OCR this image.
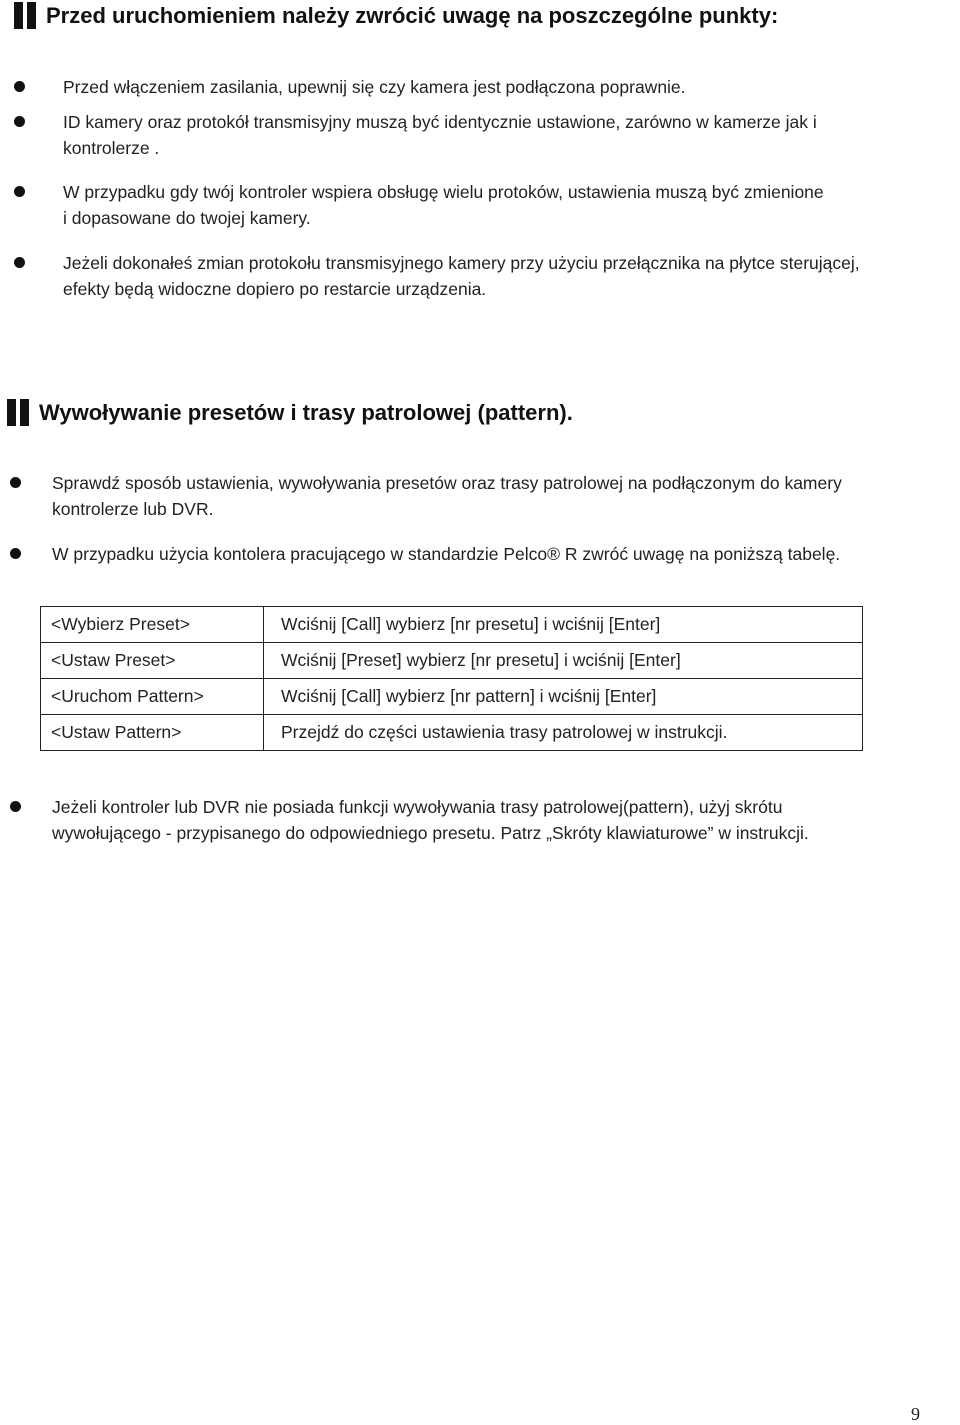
Przed uruchomieniem należy zwrócić uwagę na poszczególne punkty:
Przed włączeniem zasilania, upewnij się czy kamera jest podłączona poprawnie.
ID kamery oraz protokół transmisyjny muszą być identycznie ustawione, zarówno w kamerze jak i
kontrolerze .
W przypadku gdy twój kontroler wspiera obsługę wielu protoków, ustawienia muszą być zmienione
i dopasowane do twojej kamery.
Jeżeli dokonałeś zmian protokołu transmisyjnego kamery przy użyciu przełącznika na płytce sterującej,
efekty będą widoczne dopiero po restarcie urządzenia.
Wywoływanie presetów i trasy patrolowej (pattern).
Sprawdź sposób ustawienia, wywoływania presetów oraz trasy patrolowej na podłączonym do kamery
kontrolerze lub DVR.
W przypadku użycia kontolera pracującego w standardzie Pelco® R zwróć uwagę na poniższą tabelę.
<Wybierz Preset>	Wciśnij [Call] wybierz [nr presetu] i wciśnij [Enter]
<Ustaw Preset>	Wciśnij [Preset] wybierz [nr presetu] i wciśnij [Enter]
<Uruchom Pattern>	Wciśnij [Call] wybierz [nr pattern] i wciśnij [Enter]
<Ustaw Pattern>	Przejdź do części ustawienia trasy patrolowej w instrukcji.
Jeżeli kontroler lub DVR nie posiada funkcji wywoływania trasy patrolowej(pattern), użyj skrótu
wywołującego - przypisanego do odpowiedniego presetu. Patrz „Skróty klawiaturowe” w instrukcji.
9
